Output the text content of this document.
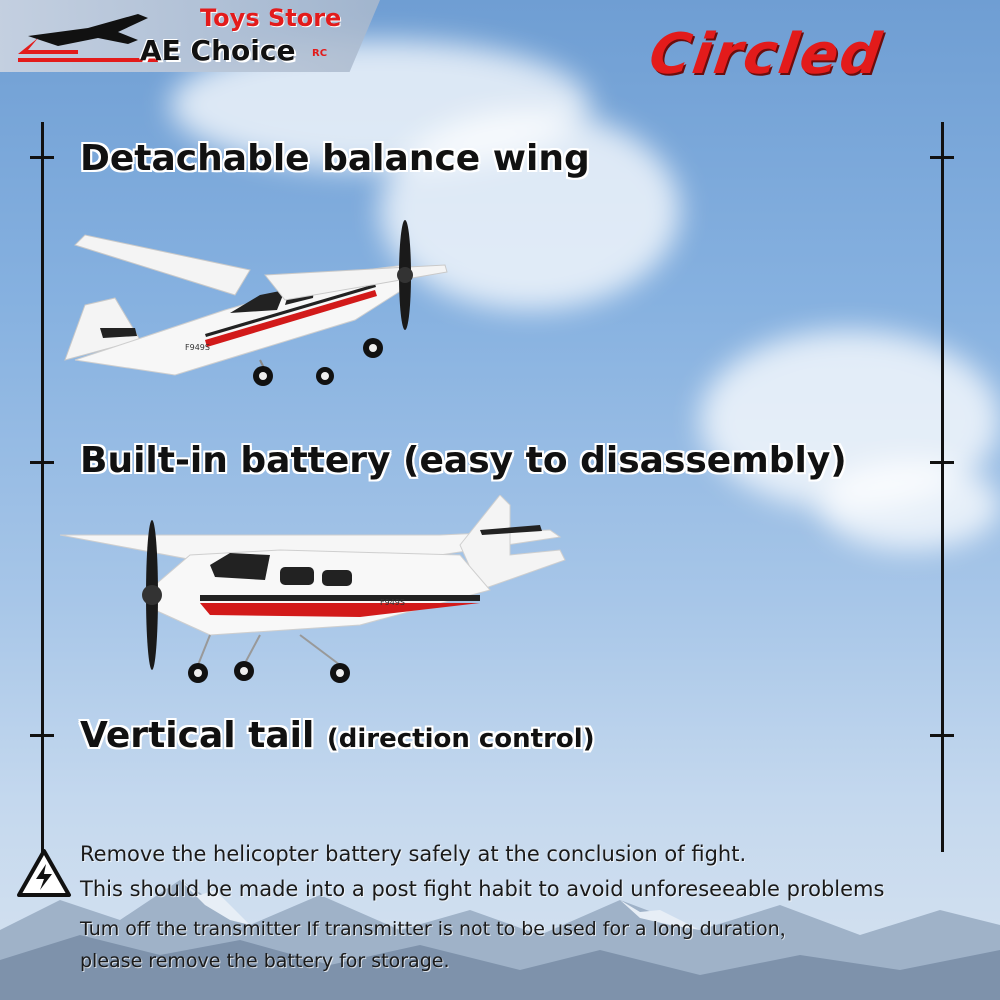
Toys Store
AE Choice RC	Circled
Detachable balance wing
Built-in battery (easy to disassembly)
Vertical tail (direction control)
F949S
F949S
Remove the helicopter battery safely at the conclusion of fight.
This should be made into a post fight habit to avoid unforeseeable problems
Tum off the transmitter If transmitter is not to be used for a long duration，
please remove the battery for storage.
